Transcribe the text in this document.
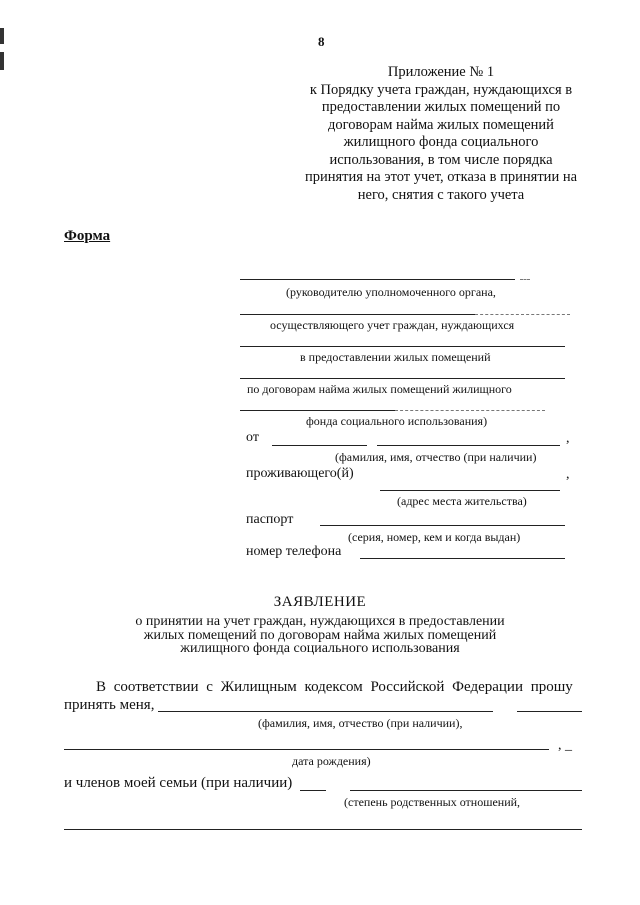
8
Приложение № 1
к Порядку учета граждан, нуждающихся в
предоставлении жилых помещений по
договорам найма жилых помещений
жилищного фонда социального
использования, в том числе порядка
принятия на этот учет, отказа в принятии на
него, снятия с такого учета
Форма
(руководителю уполномоченного органа,
осуществляющего учет граждан, нуждающихся
в предоставлении жилых помещений
по договорам найма жилых помещений жилищного
фонда социального использования)
от	,
(фамилия, имя, отчество (при наличии)
проживающего(й)	,
(адрес места жительства)
паспорт
(серия, номер, кем и когда выдан)
номер телефона
ЗАЯВЛЕНИЕ
о принятии на учет граждан, нуждающихся в предоставлении
жилых помещений по договорам найма жилых помещений
жилищного фонда социального использования
В соответствии с Жилищным кодексом Российской Федерации прошу
принять меня,
(фамилия, имя, отчество (при наличии),
, _
дата рождения)
и членов моей семьи (при наличии)
(степень родственных отношений,
